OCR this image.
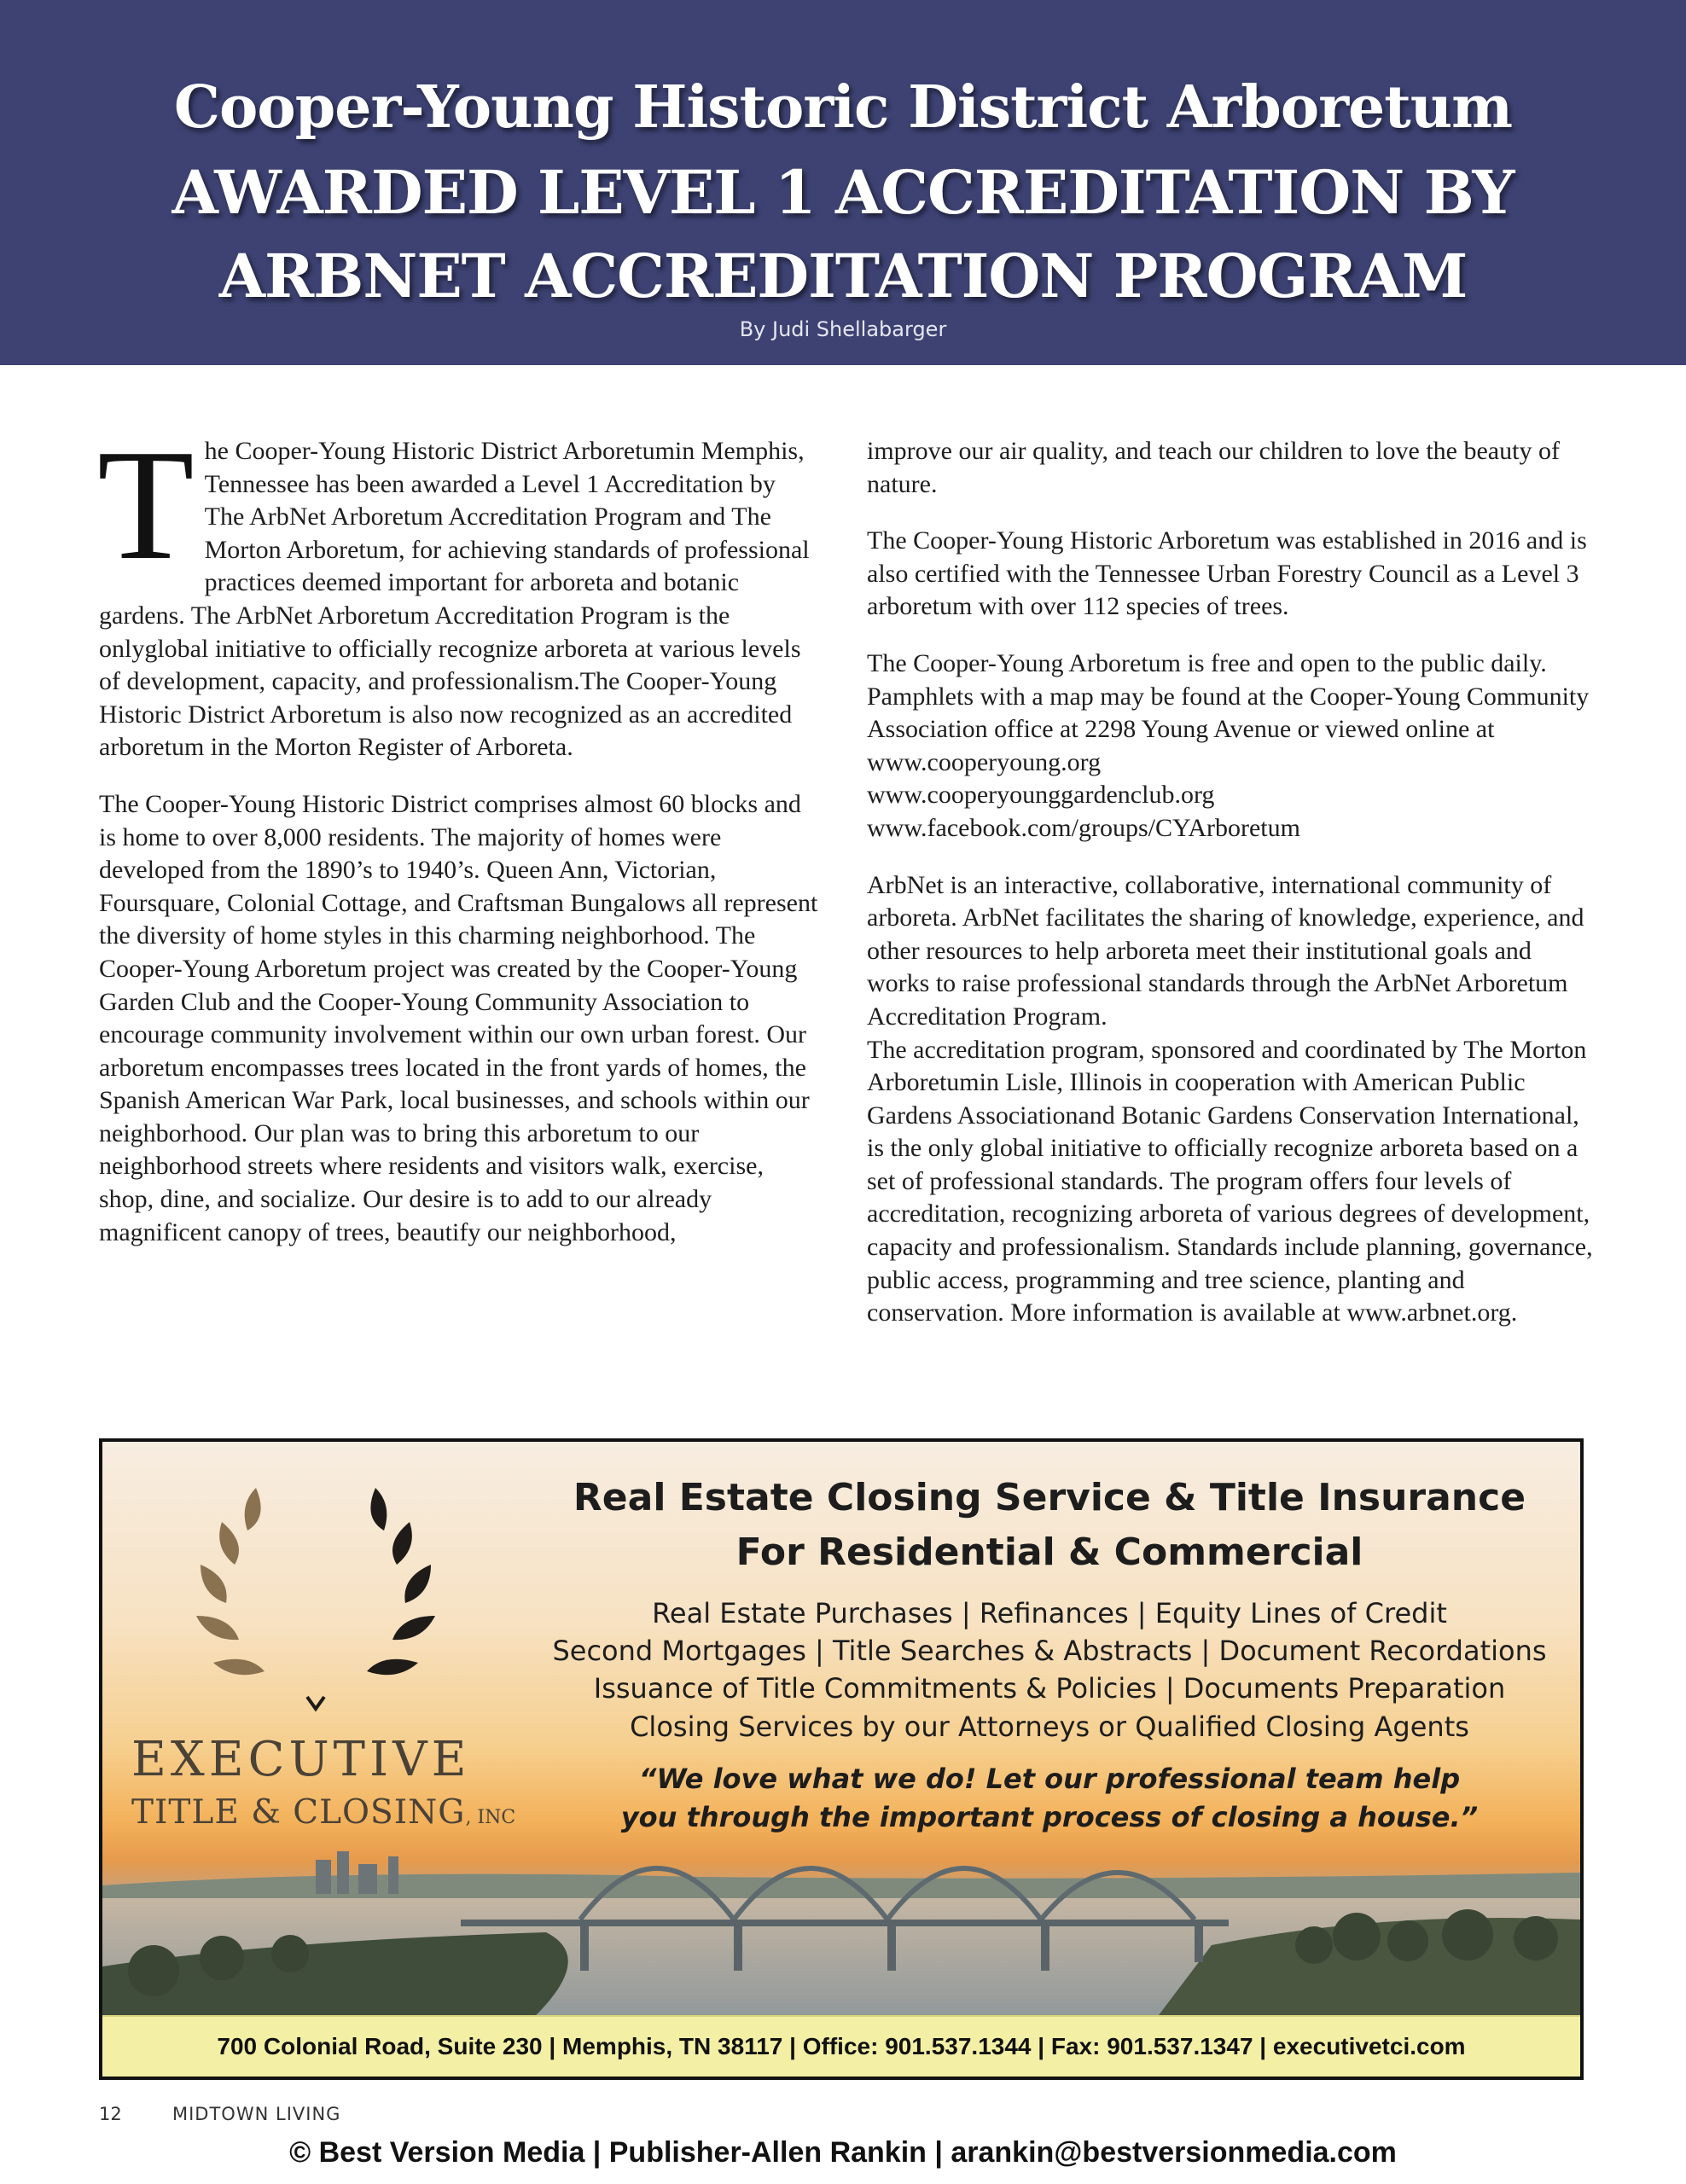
Cooper-Young Historic District Arboretum
AWARDED LEVEL 1 ACCREDITATION BY
ARBNET ACCREDITATION PROGRAM
By Judi Shellabarger

The Cooper-Young Historic District Arboretumin Memphis, Tennessee has been awarded a Level 1 Accreditation by The ArbNet Arboretum Accreditation Program and The Morton Arboretum, for achieving standards of professional practices deemed important for arboreta and botanic gardens. The ArbNet Arboretum Accreditation Program is the onlyglobal initiative to officially recognize arboreta at various levels of development, capacity, and professionalism.The Cooper-Young Historic District Arboretum is also now recognized as an accredited arboretum in the Morton Register of Arboreta.

The Cooper-Young Historic District comprises almost 60 blocks and is home to over 8,000 residents. The majority of homes were developed from the 1890’s to 1940’s. Queen Ann, Victorian, Foursquare, Colonial Cottage, and Craftsman Bungalows all represent the diversity of home styles in this charming neighborhood. The Cooper-Young Arboretum project was created by the Cooper-Young Garden Club and the Cooper-Young Community Association to encourage community involvement within our own urban forest. Our arboretum encompasses trees located in the front yards of homes, the Spanish American War Park, local businesses, and schools within our neighborhood. Our plan was to bring this arboretum to our neighborhood streets where residents and visitors walk, exercise, shop, dine, and socialize. Our desire is to add to our already magnificent canopy of trees, beautify our neighborhood,

improve our air quality, and teach our children to love the beauty of nature.

The Cooper-Young Historic Arboretum was established in 2016 and is also certified with the Tennessee Urban Forestry Council as a Level 3 arboretum with over 112 species of trees.

The Cooper-Young Arboretum is free and open to the public daily. Pamphlets with a map may be found at the Cooper-Young Community Association office at 2298 Young Avenue or viewed online at www.cooperyoung.org
www.cooperyounggardenclub.org
www.facebook.com/groups/CYArboretum

ArbNet is an interactive, collaborative, international community of arboreta. ArbNet facilitates the sharing of knowledge, experience, and other resources to help arboreta meet their institutional goals and works to raise professional standards through the ArbNet Arboretum Accreditation Program.

The accreditation program, sponsored and coordinated by The Morton Arboretumin Lisle, Illinois in cooperation with American Public Gardens Associationand Botanic Gardens Conservation International, is the only global initiative to officially recognize arboreta based on a set of professional standards. The program offers four levels of accreditation, recognizing arboreta of various degrees of development, capacity and professionalism. Standards include planning, governance, public access, programming and tree science, planting and conservation. More information is available at www.arbnet.org.

Real Estate Closing Service & Title Insurance
For Residential & Commercial
Real Estate Purchases | Refinances | Equity Lines of Credit
Second Mortgages | Title Searches & Abstracts | Document Recordations
Issuance of Title Commitments & Policies | Documents Preparation
Closing Services by our Attorneys or Qualified Closing Agents
“We love what we do! Let our professional team help
you through the important process of closing a house.”
EXECUTIVE
TITLE & CLOSING, INC
700 Colonial Road, Suite 230 | Memphis, TN 38117 | Office: 901.537.1344 | Fax: 901.537.1347 | executivetci.com
12	MIDTOWN LIVING
© Best Version Media | Publisher-Allen Rankin | arankin@bestversionmedia.com
